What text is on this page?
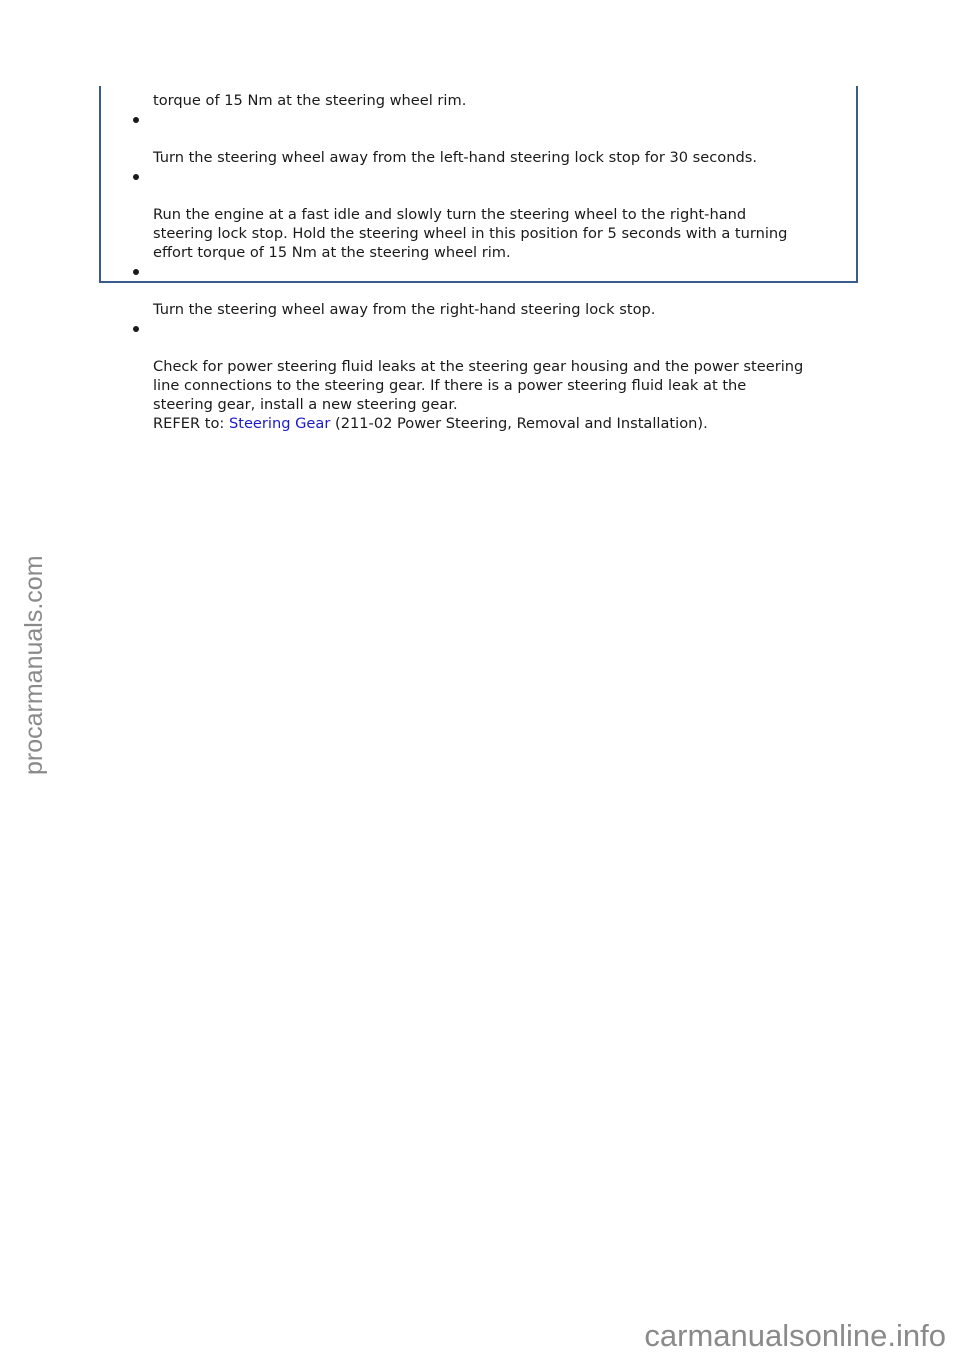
torque of 15 Nm at the steering wheel rim.

Turn the steering wheel away from the left-hand steering lock stop for 30 seconds.

Run the engine at a fast idle and slowly turn the steering wheel to the right-hand
steering lock stop. Hold the steering wheel in this position for 5 seconds with a turning
effort torque of 15 Nm at the steering wheel rim.

Turn the steering wheel away from the right-hand steering lock stop.

Check for power steering fluid leaks at the steering gear housing and the power steering
line connections to the steering gear. If there is a power steering fluid leak at the
steering gear, install a new steering gear.

REFER to: Steering Gear (211-02 Power Steering, Removal and Installation).

procarmanuals.com
carmanualsonline.info
